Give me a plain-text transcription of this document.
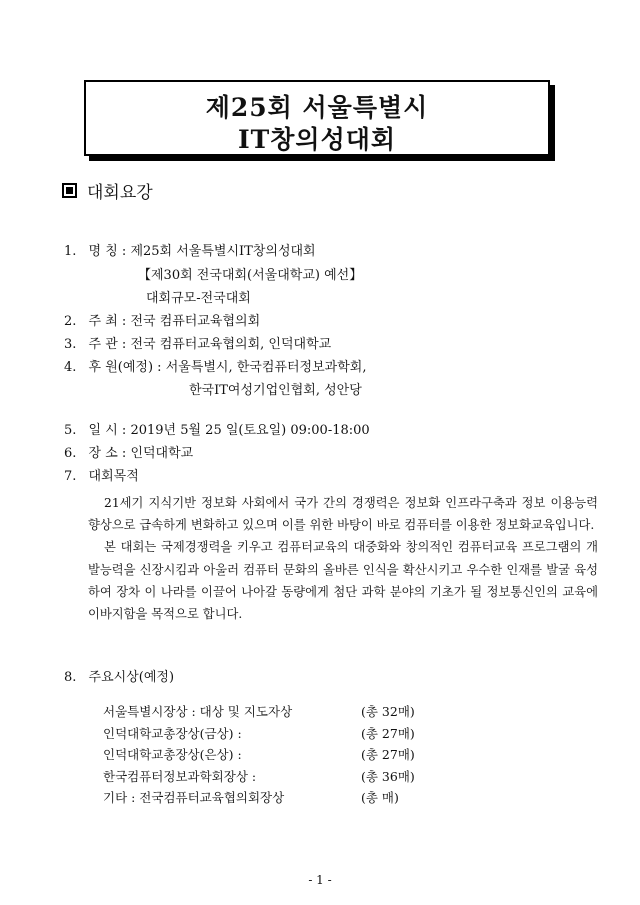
제25회 서울특별시
IT창의성대회
대회요강
1. 명 칭 : 제25회 서울특별시IT창의성대회
【제30회 전국대회(서울대학교) 예선】
대회규모-전국대회
2. 주 최 : 전국 컴퓨터교육협의회
3. 주 관 : 전국 컴퓨터교육협의회, 인덕대학교
4. 후 원(예정) : 서울특별시, 한국컴퓨터정보과학회,
한국IT여성기업인협회, 성안당
5. 일 시 : 2019년 5월 25 일(토요일) 09:00-18:00
6. 장 소 : 인덕대학교
7. 대회목적

21세기 지식기반 정보화 사회에서 국가 간의 경쟁력은 정보화 인프라구축과 정보 이용능력 향상으로 급속하게 변화하고 있으며 이를 위한 바탕이 바로 컴퓨터를 이용한 정보화교육입니다.

본 대회는 국제경쟁력을 키우고 컴퓨터교육의 대중화와 창의적인 컴퓨터교육 프로그램의 개발능력을 신장시킴과 아울러 컴퓨터 문화의 올바른 인식을 확산시키고 우수한 인재를 발굴 육성하여 장차 이 나라를 이끌어 나아갈 동량에게 첨단 과학 분야의 기초가 될 정보통신인의 교육에 이바지함을 목적으로 합니다.

8. 주요시상(예정)
서울특별시장상 : 대상 및 지도자상	(총 32매)
인덕대학교총장상(금상) :	(총 27매)
인덕대학교총장상(은상) :	(총 27매)
한국컴퓨터정보과학회장상 :	(총 36매)
기타 : 전국컴퓨터교육협의회장상	(총 매)
- 1 -
